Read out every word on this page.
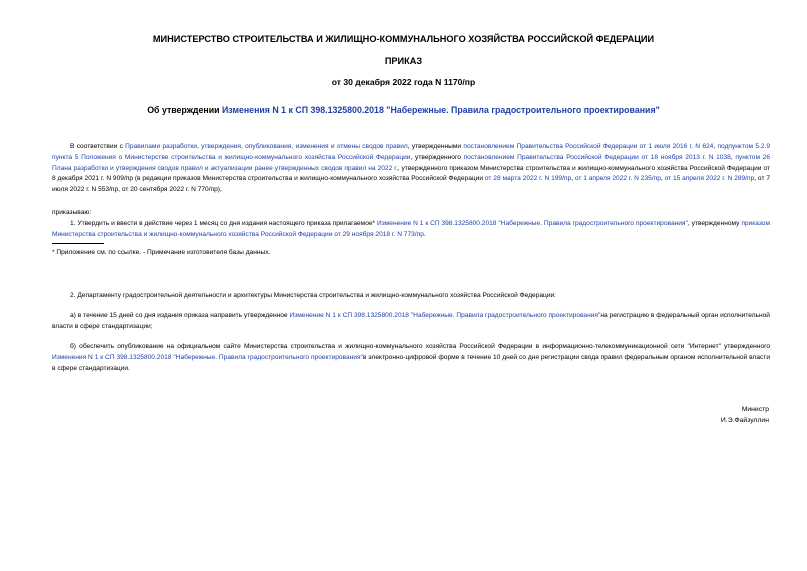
МИНИСТЕРСТВО СТРОИТЕЛЬСТВА И ЖИЛИЩНО-КОММУНАЛЬНОГО ХОЗЯЙСТВА РОССИЙСКОЙ ФЕДЕРАЦИИ
ПРИКАЗ
от 30 декабря 2022 года N 1170/пр
Об утверждении Изменения N 1 к СП 398.1325800.2018 "Набережные. Правила градостроительного проектирования"
В соответствии с Правилами разработки, утверждения, опубликования, изменения и отмены сводов правил, утвержденными постановлением Правительства Российской Федерации от 1 июля 2016 г. N 624, подпунктом 5.2.9 пункта 5 Положения о Министерстве строительства и жилищно-коммунального хозяйства Российской Федерации, утвержденного постановлением Правительства Российской Федерации от 18 ноября 2013 г. N 1038, пунктом 26 Плана разработки и утверждения сводов правил и актуализации ранее утвержденных сводов правил на 2022 г., утвержденного приказом Министерства строительства и жилищно-коммунального хозяйства Российской Федерации от 8 декабря 2021 г. N 909/пр (в редакции приказов Министерства строительства и жилищно-коммунального хозяйства Российской Федерации от 28 марта 2022 г. N 199/пр, от 1 апреля 2022 г. N 235/пр, от 15 апреля 2022 г. N 289/пр, от 7 июля 2022 г. N 553/пр, от 20 сентября 2022 г. N 770/пр),
приказываю:
1. Утвердить и ввести в действие через 1 месяц со дня издания настоящего приказа прилагаемое* Изменение N 1 к СП 398.1325800.2018 "Набережные. Правила градостроительного проектирования", утвержденному приказом Министерства строительства и жилищно-коммунального хозяйства Российской Федерации от 29 ноября 2018 г. N 773/пр.
* Приложение см. по ссылке. - Примечание изготовителя базы данных.
2. Департаменту градостроительной деятельности и архитектуры Министерства строительства и жилищно-коммунального хозяйства Российской Федерации:
а) в течение 15 дней со дня издания приказа направить утвержденное Изменение N 1 к СП 398.1325800.2018 "Набережные. Правила градостроительного проектирования"на регистрацию в федеральный орган исполнительной власти в сфере стандартизации;
б) обеспечить опубликование на официальном сайте Министерства строительства и жилищно-коммунального хозяйства Российской Федерации в информационно-телекоммуникационной сети "Интернет" утвержденного Изменения N 1 к СП 398.1325800.2018 "Набережные. Правила градостроительного проектирования"в электронно-цифровой форме в течение 10 дней со дня регистрации свода правил федеральным органом исполнительной власти в сфере стандартизации.
Министр
И.Э.Файзуллин
